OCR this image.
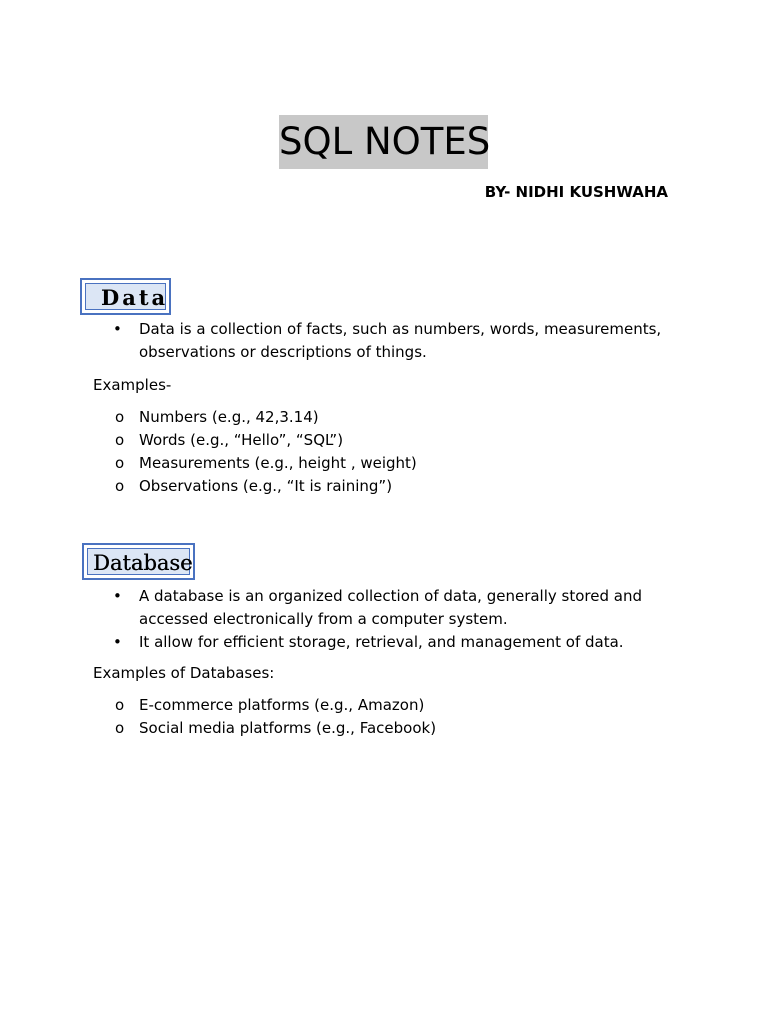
SQL NOTES
BY- NIDHI KUSHWAHA
Data
• Data is a collection of facts, such as numbers, words, measurements, observations or descriptions of things.

Examples-

o Numbers (e.g., 42,3.14)
o Words (e.g., “Hello”, “SQL”)
o Measurements (e.g., height , weight)
o Observations (e.g., “It is raining”)
Database
• A database is an organized collection of data, generally stored and accessed electronically from a computer system.
• It allow for efficient storage, retrieval, and management of data.

Examples of Databases:

o E-commerce platforms (e.g., Amazon)
o Social media platforms (e.g., Facebook)
